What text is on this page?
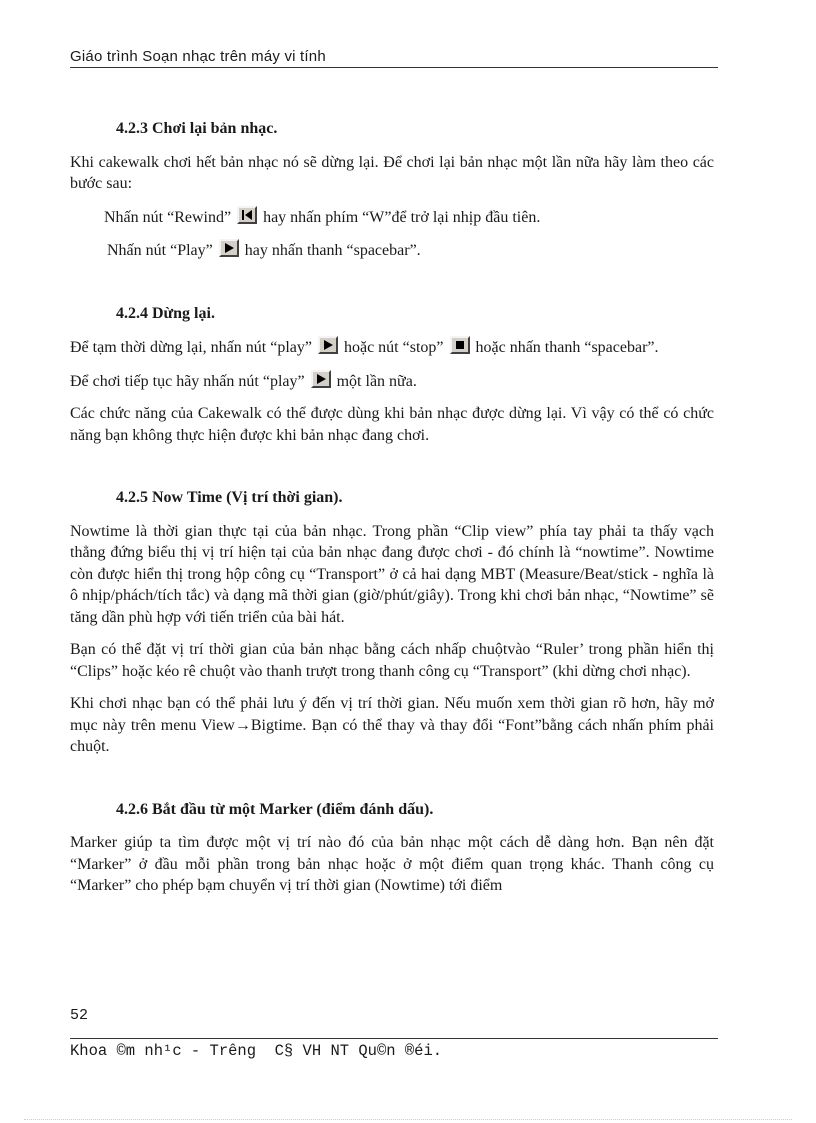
Giáo trình Soạn nhạc trên máy vi tính
4.2.3 Chơi lại bản nhạc.

Khi cakewalk chơi hết bản nhạc nó sẽ dừng lại. Để chơi lại bản nhạc một lần nữa hãy làm theo các bước sau:

Nhấn nút “Rewind” hay nhấn phím “W”để trở lại nhịp đầu tiên.

Nhấn nút “Play” hay nhấn thanh “spacebar”.

4.2.4 Dừng lại.

Để tạm thời dừng lại, nhấn nút “play” hoặc nút “stop” hoặc nhấn thanh “spacebar”.

Để chơi tiếp tục hãy nhấn nút “play” một lần nữa.

Các chức năng của Cakewalk có thể được dùng khi bản nhạc được dừng lại. Vì vậy có thể có chức năng bạn không thực hiện được khi bản nhạc đang chơi.

4.2.5 Now Time (Vị trí thời gian).

Nowtime là thời gian thực tại của bản nhạc. Trong phần “Clip view” phía tay phải ta thấy vạch thẳng đứng biểu thị vị trí hiện tại của bản nhạc đang được chơi - đó chính là “nowtime”. Nowtime còn được hiển thị trong hộp công cụ “Transport” ở cả hai dạng MBT (Measure/Beat/stick - nghĩa là ô nhịp/phách/tích tắc) và dạng mã thời gian (giờ/phút/giây). Trong khi chơi bản nhạc, “Nowtime” sẽ tăng dần phù hợp với tiến triển của bài hát.

Bạn có thể đặt vị trí thời gian của bản nhạc bằng cách nhấp chuộtvào “Ruler’ trong phần hiển thị “Clips” hoặc kéo rê chuột vào thanh trượt trong thanh công cụ “Transport” (khi dừng chơi nhạc).

Khi chơi nhạc bạn có thể phải lưu ý đến vị trí thời gian. Nếu muốn xem thời gian rõ hơn, hãy mở mục này trên menu View→Bigtime. Bạn có thể thay và thay đổi “Font”bằng cách nhấn phím phải chuột.

4.2.6 Bắt đầu từ một Marker (điểm đánh dấu).

Marker giúp ta tìm được một vị trí nào đó của bản nhạc một cách dễ dàng hơn. Bạn nên đặt “Marker” ở đầu mỗi phần trong bản nhạc hoặc ở một điểm quan trọng khác. Thanh công cụ “Marker” cho phép bạm chuyển vị trí thời gian (Nowtime) tới điểm

52
Khoa ©m nh¹c - Trêng  C§ VH NT Qu©n ®éi.
